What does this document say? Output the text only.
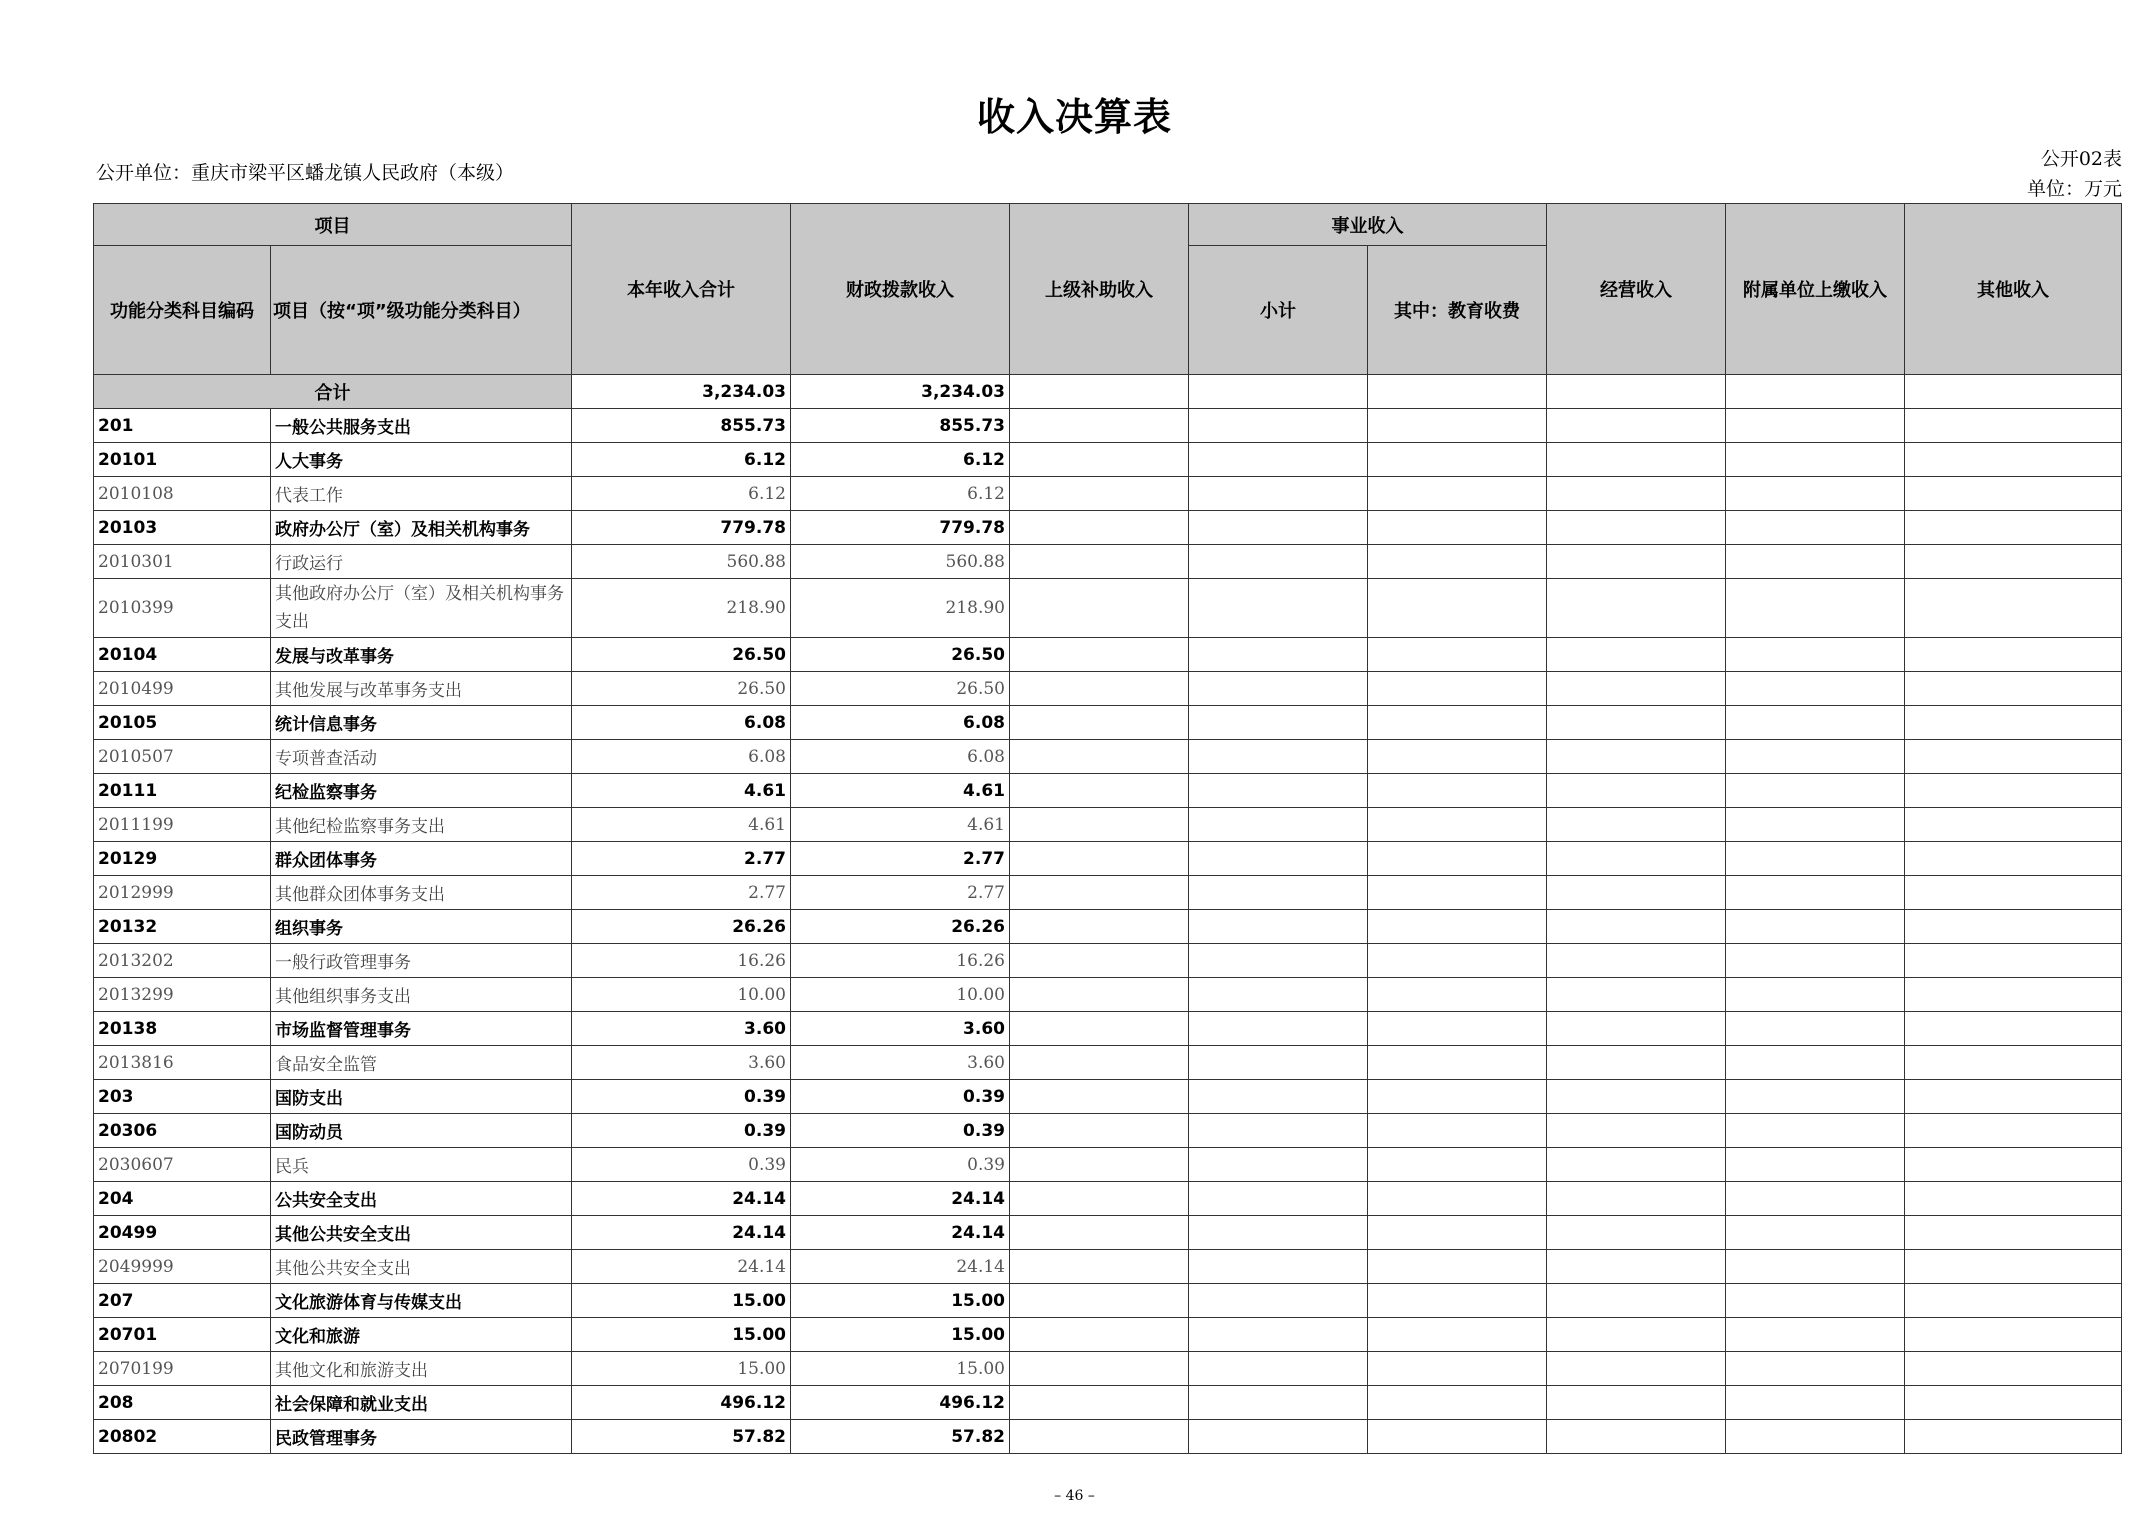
收入决算表
公开单位：重庆市梁平区蟠龙镇人民政府（本级）
公开02表
单位：万元
项目		本年收入合计	财政拨款收入	上级补助收入	事业收入		经营收入	附属单位上缴收入	其他收入
功能分类科目编码	项目（按“项”级功能分类科目）				小计	其中：教育收费			
合计		3,234.03	3,234.03						
201	一般公共服务支出	855.73	855.73						
20101	人大事务	6.12	6.12						
2010108	代表工作	6.12	6.12						
20103	政府办公厅（室）及相关机构事务	779.78	779.78						
2010301	行政运行	560.88	560.88						
2010399	其他政府办公厅（室）及相关机构事务支出	218.90	218.90						
20104	发展与改革事务	26.50	26.50						
2010499	其他发展与改革事务支出	26.50	26.50						
20105	统计信息事务	6.08	6.08						
2010507	专项普查活动	6.08	6.08						
20111	纪检监察事务	4.61	4.61						
2011199	其他纪检监察事务支出	4.61	4.61						
20129	群众团体事务	2.77	2.77						
2012999	其他群众团体事务支出	2.77	2.77						
20132	组织事务	26.26	26.26						
2013202	一般行政管理事务	16.26	16.26						
2013299	其他组织事务支出	10.00	10.00						
20138	市场监督管理事务	3.60	3.60						
2013816	食品安全监管	3.60	3.60						
203	国防支出	0.39	0.39						
20306	国防动员	0.39	0.39						
2030607	民兵	0.39	0.39						
204	公共安全支出	24.14	24.14						
20499	其他公共安全支出	24.14	24.14						
2049999	其他公共安全支出	24.14	24.14						
207	文化旅游体育与传媒支出	15.00	15.00						
20701	文化和旅游	15.00	15.00						
2070199	其他文化和旅游支出	15.00	15.00						
208	社会保障和就业支出	496.12	496.12						
20802	民政管理事务	57.82	57.82						
– 46 –
